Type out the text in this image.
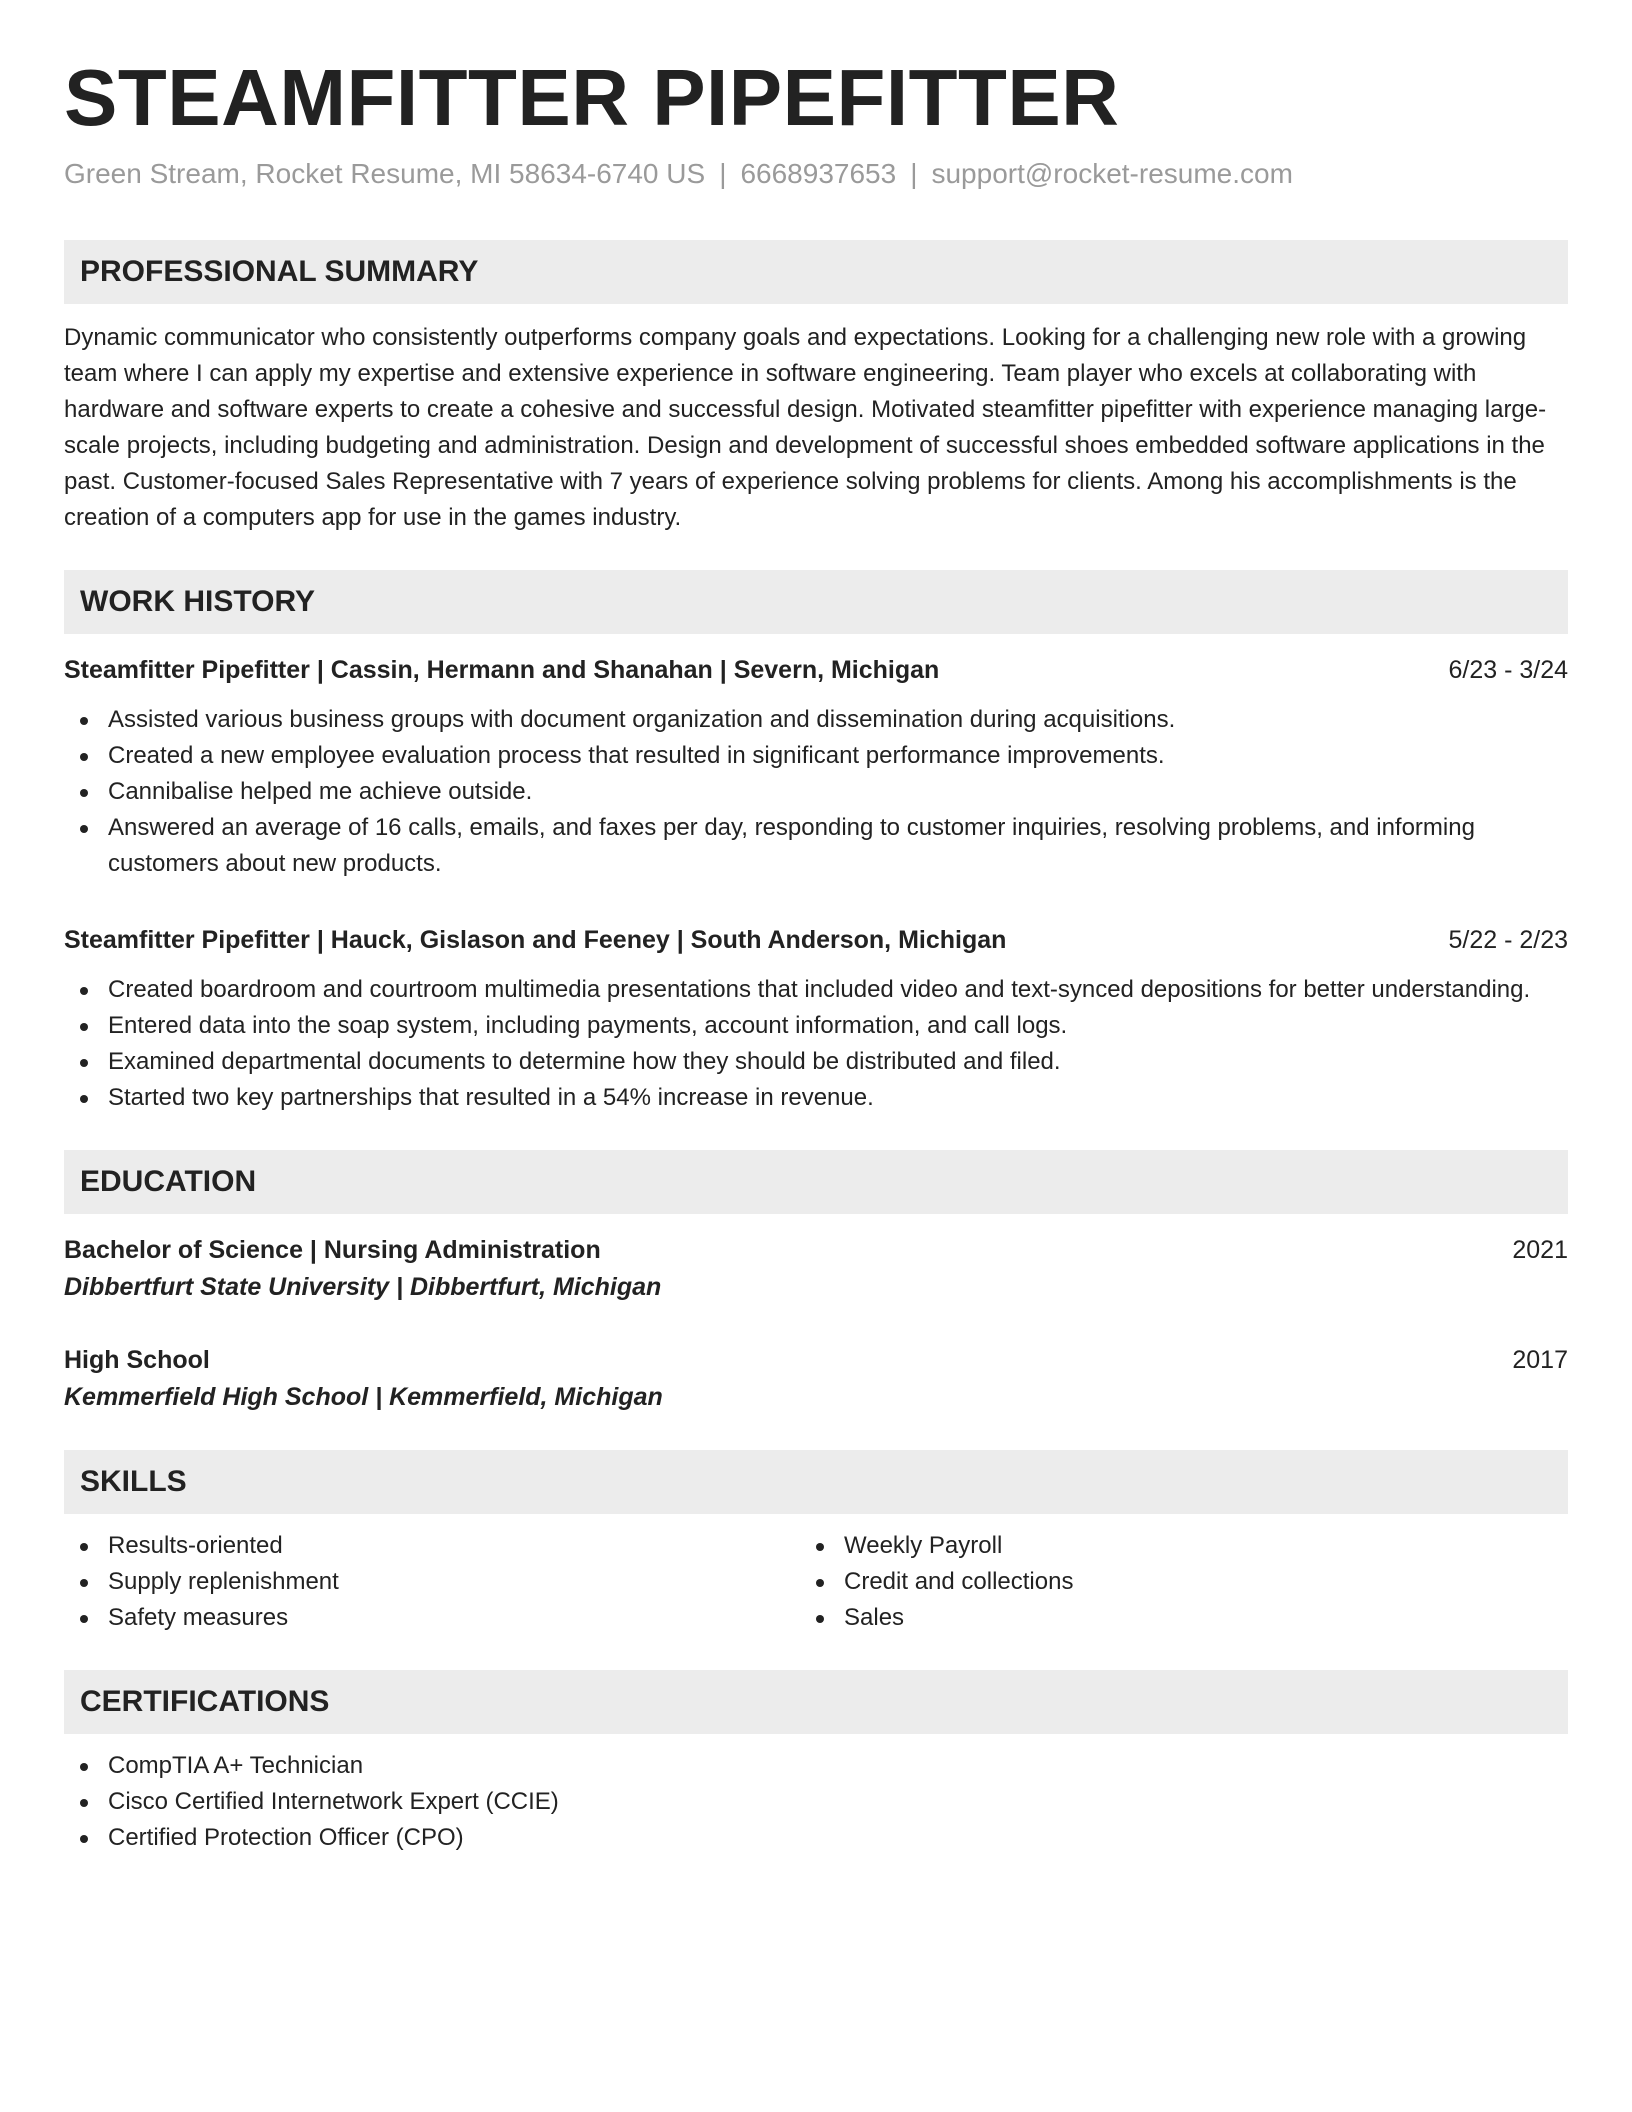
STEAMFITTER PIPEFITTER
Green Stream, Rocket Resume, MI 58634-6740 US | 6668937653 | support@rocket-resume.com
PROFESSIONAL SUMMARY

Dynamic communicator who consistently outperforms company goals and expectations. Looking for a challenging new role with a growing team where I can apply my expertise and extensive experience in software engineering. Team player who excels at collaborating with hardware and software experts to create a cohesive and successful design. Motivated steamfitter pipefitter with experience managing large-scale projects, including budgeting and administration. Design and development of successful shoes embedded software applications in the past. Customer-focused Sales Representative with 7 years of experience solving problems for clients. Among his accomplishments is the creation of a computers app for use in the games industry.

WORK HISTORY
Steamfitter Pipefitter | Cassin, Hermann and Shanahan | Severn, Michigan	6/23 - 3/24
Assisted various business groups with document organization and dissemination during acquisitions.
Created a new employee evaluation process that resulted in significant performance improvements.
Cannibalise helped me achieve outside.
Answered an average of 16 calls, emails, and faxes per day, responding to customer inquiries, resolving problems, and informing customers about new products.
Steamfitter Pipefitter | Hauck, Gislason and Feeney | South Anderson, Michigan	5/22 - 2/23
Created boardroom and courtroom multimedia presentations that included video and text-synced depositions for better understanding.
Entered data into the soap system, including payments, account information, and call logs.
Examined departmental documents to determine how they should be distributed and filed.
Started two key partnerships that resulted in a 54% increase in revenue.
EDUCATION
Bachelor of Science | Nursing Administration	2021
Dibbertfurt State University | Dibbertfurt, Michigan
High School	2017
Kemmerfield High School | Kemmerfield, Michigan
SKILLS
Results-oriented
Supply replenishment
Safety measures
Weekly Payroll
Credit and collections
Sales
CERTIFICATIONS
CompTIA A+ Technician
Cisco Certified Internetwork Expert (CCIE)
Certified Protection Officer (CPO)
